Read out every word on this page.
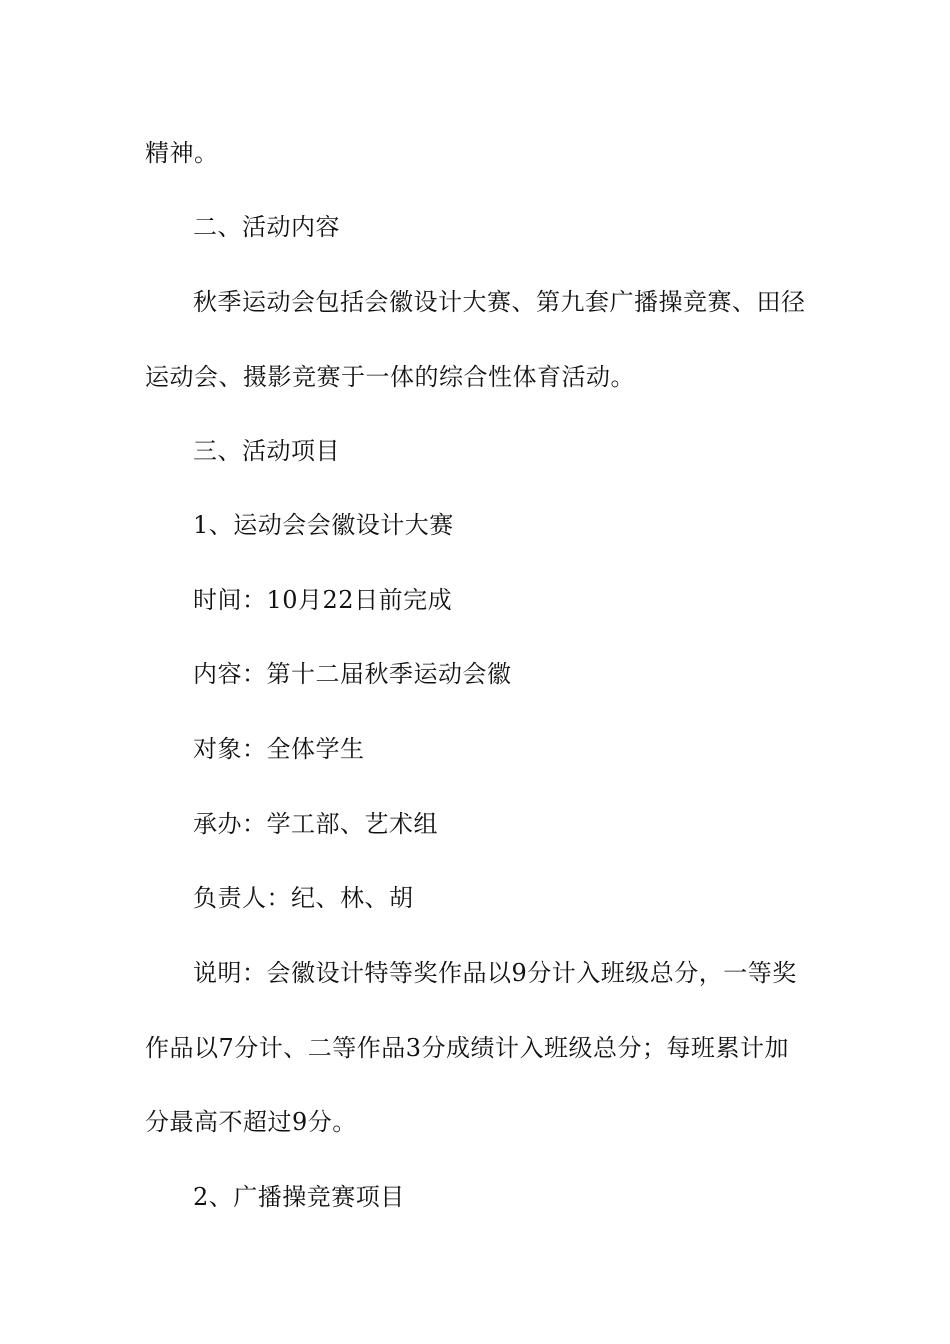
精神。
二、活动内容
秋季运动会包括会徽设计大赛、第九套广播操竞赛、田径
运动会、摄影竞赛于一体的综合性体育活动。
三、活动项目
1、运动会会徽设计大赛
时间：10月22日前完成
内容：第十二届秋季运动会徽
对象：全体学生
承办：学工部、艺术组
负责人：纪、林、胡
说明：会徽设计特等奖作品以9分计入班级总分，一等奖
作品以7分计、二等作品3分成绩计入班级总分；每班累计加
分最高不超过9分。
2、广播操竞赛项目
